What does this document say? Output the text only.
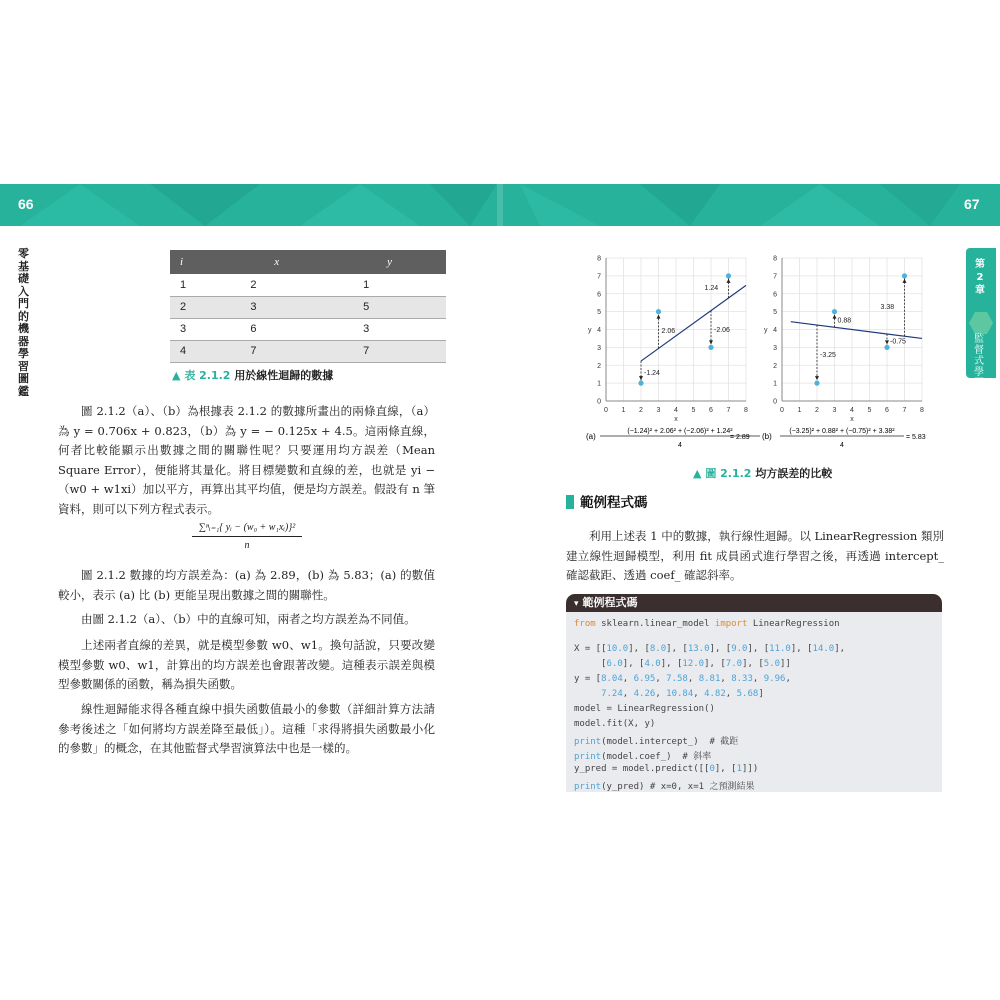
66	67
零基礎入門的機器學習圖鑑
第2章
監督式學習
i	x	y
1	2	1
2	3	5
3	6	3
4	7	7
▲ 表 2.1.2 用於線性迴歸的數據
圖 2.1.2（a）、（b）為根據表 2.1.2 的數據所畫出的兩條直線，（a）為 y = 0.706x + 0.823，（b）為 y = − 0.125x + 4.5。這兩條直線，何者比較能顯示出數據之間的關聯性呢？只要運用均方誤差（Mean Square Error），便能將其量化。將目標變數和直線的差，也就是 yi −（w0 + w1xi）加以平方，再算出其平均值，便是均方誤差。假設有 n 筆資料，則可以下列方程式表示。
$\frac{\text{∑ⁿᵢ₌₁\{ yᵢ − (w₀ + w₁xᵢ)\}²}}{n}$
圖 2.1.2 數據的均方誤差為：(a) 為 2.89，(b) 為 5.83；(a) 的數值較小，表示 (a) 比 (b) 更能呈現出數據之間的關聯性。
由圖 2.1.2（a）、（b）中的直線可知，兩者之均方誤差為不同值。
上述兩者直線的差異，就是模型參數 w0、w1。換句話說，只要改變模型參數 w0、w1，計算出的均方誤差也會跟著改變。這種表示誤差與模型參數關係的函數，稱為損失函數。
線性迴歸能求得各種直線中損失函數值最小的參數（詳細計算方法請參考後述之「如何將均方誤差降至最低」）。這種「求得將損失函數最小化的參數」的概念，在其他監督式學習演算法中也是一樣的。
0 1 2 3 4 5 6 7 8
0
1
2
3
4
5
6
7
8
x
y
-1.24
2.06	-2.06
1.24
0 1 2 3 4 5 6 7 8
0
1
2
3
4
5
6
7
8
x
y
-3.25
0.88
-0.75
3.38
(a)
(−1.24)² + 2.06² + (−2.06)² + 1.24²
4
= 2.89 (b)
(−3.25)² + 0.88² + (−0.75)² + 3.38²
4
= 5.83
▲ 圖 2.1.2 均方誤差的比較
範例程式碼
利用上述表 1 中的數據，執行線性迴歸。以 LinearRegression 類別建立線性迴歸模型，利用 fit 成員函式進行學習之後，再透過 intercept_ 確認截距、透過 coef_ 確認斜率。
▾ 範例程式碼
from sklearn.linear_model import LinearRegression
X = [[10.0], [8.0], [13.0], [9.0], [11.0], [14.0],
[6.0], [4.0], [12.0], [7.0], [5.0]]
y = [8.04, 6.95, 7.58, 8.81, 8.33, 9.96,
7.24, 4.26, 10.84, 4.82, 5.68]
model = LinearRegression()
model.fit(X, y)
print(model.intercept_)  # 截距
print(model.coef_)  # 斜率
y_pred = model.predict([[0], [1]])
print(y_pred) # x=0, x=1 之預測結果
